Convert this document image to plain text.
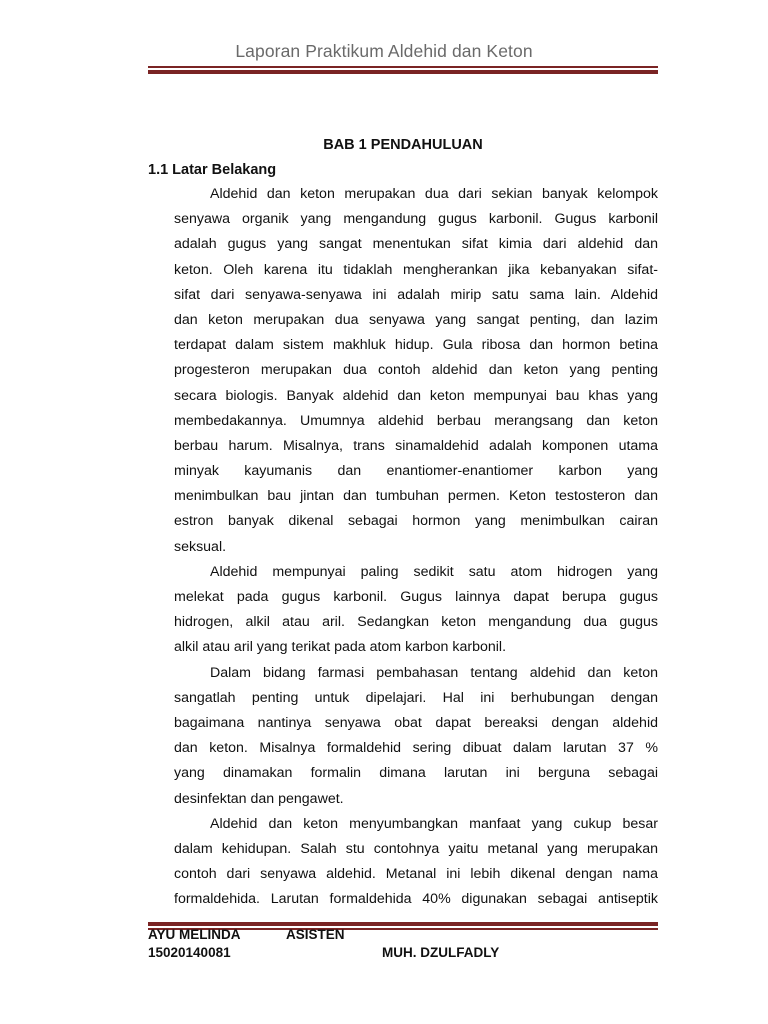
Laporan Praktikum Aldehid dan Keton
BAB 1 PENDAHULUAN
1.1 Latar Belakang
Aldehid dan keton merupakan dua dari sekian banyak kelompok
senyawa organik yang mengandung gugus karbonil. Gugus karbonil
adalah gugus yang sangat menentukan sifat kimia dari aldehid dan
keton. Oleh karena itu tidaklah mengherankan jika kebanyakan sifat-
sifat dari senyawa-senyawa ini adalah mirip satu sama lain. Aldehid
dan keton merupakan dua senyawa yang sangat penting, dan lazim
terdapat dalam sistem makhluk hidup. Gula ribosa dan hormon betina
progesteron merupakan dua contoh aldehid dan keton yang penting
secara biologis. Banyak aldehid dan keton mempunyai bau khas yang
membedakannya. Umumnya aldehid berbau merangsang dan keton
berbau harum. Misalnya, trans sinamaldehid adalah komponen utama
minyak kayumanis dan enantiomer-enantiomer karbon yang
menimbulkan bau jintan dan tumbuhan permen. Keton testosteron dan
estron banyak dikenal sebagai hormon yang menimbulkan cairan
seksual.
Aldehid mempunyai paling sedikit satu atom hidrogen yang
melekat pada gugus karbonil. Gugus lainnya dapat berupa gugus
hidrogen, alkil atau aril. Sedangkan keton mengandung dua gugus
alkil atau aril yang terikat pada atom karbon karbonil.
Dalam bidang farmasi pembahasan tentang aldehid dan keton
sangatlah penting untuk dipelajari. Hal ini berhubungan dengan
bagaimana nantinya senyawa obat dapat bereaksi dengan aldehid
dan keton. Misalnya formaldehid sering dibuat dalam larutan 37 %
yang dinamakan formalin dimana larutan ini berguna sebagai
desinfektan dan pengawet.
Aldehid dan keton menyumbangkan manfaat yang cukup besar
dalam kehidupan. Salah stu contohnya yaitu metanal yang merupakan
contoh dari senyawa aldehid. Metanal ini lebih dikenal dengan nama
formaldehida. Larutan formaldehida 40% digunakan sebagai antiseptik
AYU MELINDA	ASISTEN
15020140081	MUH. DZULFADLY
